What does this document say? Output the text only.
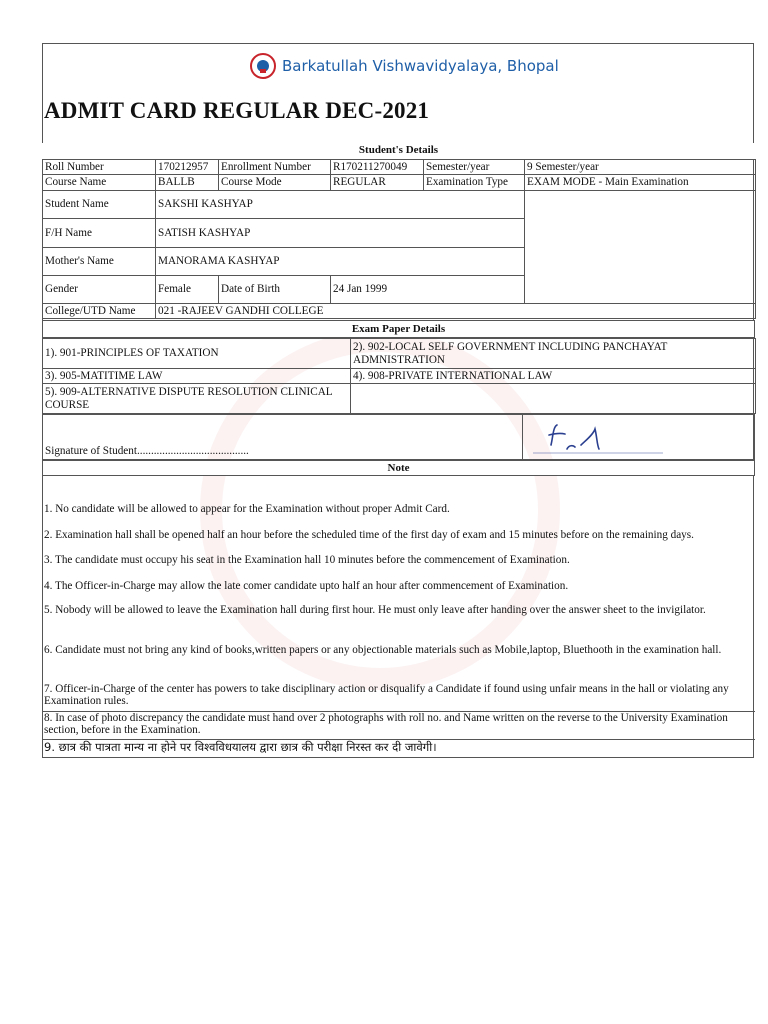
Barkatullah Vishwavidyalaya, Bhopal
ADMIT CARD REGULAR DEC-2021
Student's Details
Roll Number	170212957	Enrollment Number	R170211270049	Semester/year	9 Semester/year
Course Name	BALLB	Course Mode	REGULAR	Examination Type	EXAM MODE - Main Examination
Student Name	SAKSHI KASHYAP				
F/H Name	SATISH KASHYAP				
Mother's Name	MANORAMA KASHYAP				
Gender	Female	Date of Birth	24 Jan 1999		
College/UTD Name	021 -RAJEEV GANDHI COLLEGE				
Exam Paper Details
1). 901-PRINCIPLES OF TAXATION	2). 902-LOCAL SELF GOVERNMENT INCLUDING PANCHAYAT ADMNISTRATION
3). 905-MATITIME LAW	4). 908-PRIVATE INTERNATIONAL LAW
5). 909-ALTERNATIVE DISPUTE RESOLUTION CLINICAL COURSE	
Signature of Student........................................
Note

1. No candidate will be allowed to appear for the Examination without proper Admit Card.

2. Examination hall shall be opened half an hour before the scheduled time of the first day of exam and 15 minutes before on the remaining days.

3. The candidate must occupy his seat in the Examination hall 10 minutes before the commencement of Examination.

4. The Officer-in-Charge may allow the late comer candidate upto half an hour after commencement of Examination.

5. Nobody will be allowed to leave the Examination hall during first hour. He must only leave after handing over the answer sheet to the invigilator.

6. Candidate must not bring any kind of books,written papers or any objectionable materials such as Mobile,laptop, Bluethooth in the examination hall.

7. Officer-in-Charge of the center has powers to take disciplinary action or disqualify a Candidate if found using unfair means in the hall or violating any Examination rules.

8. In case of photo discrepancy the candidate must hand over 2 photographs with roll no. and Name written on the reverse to the University Examination section, before in the Examination.

9. छात्र की पात्रता मान्य ना होने पर विश्वविधयालय द्वारा छात्र की परीक्षा निरस्त कर दी जावेगी।
